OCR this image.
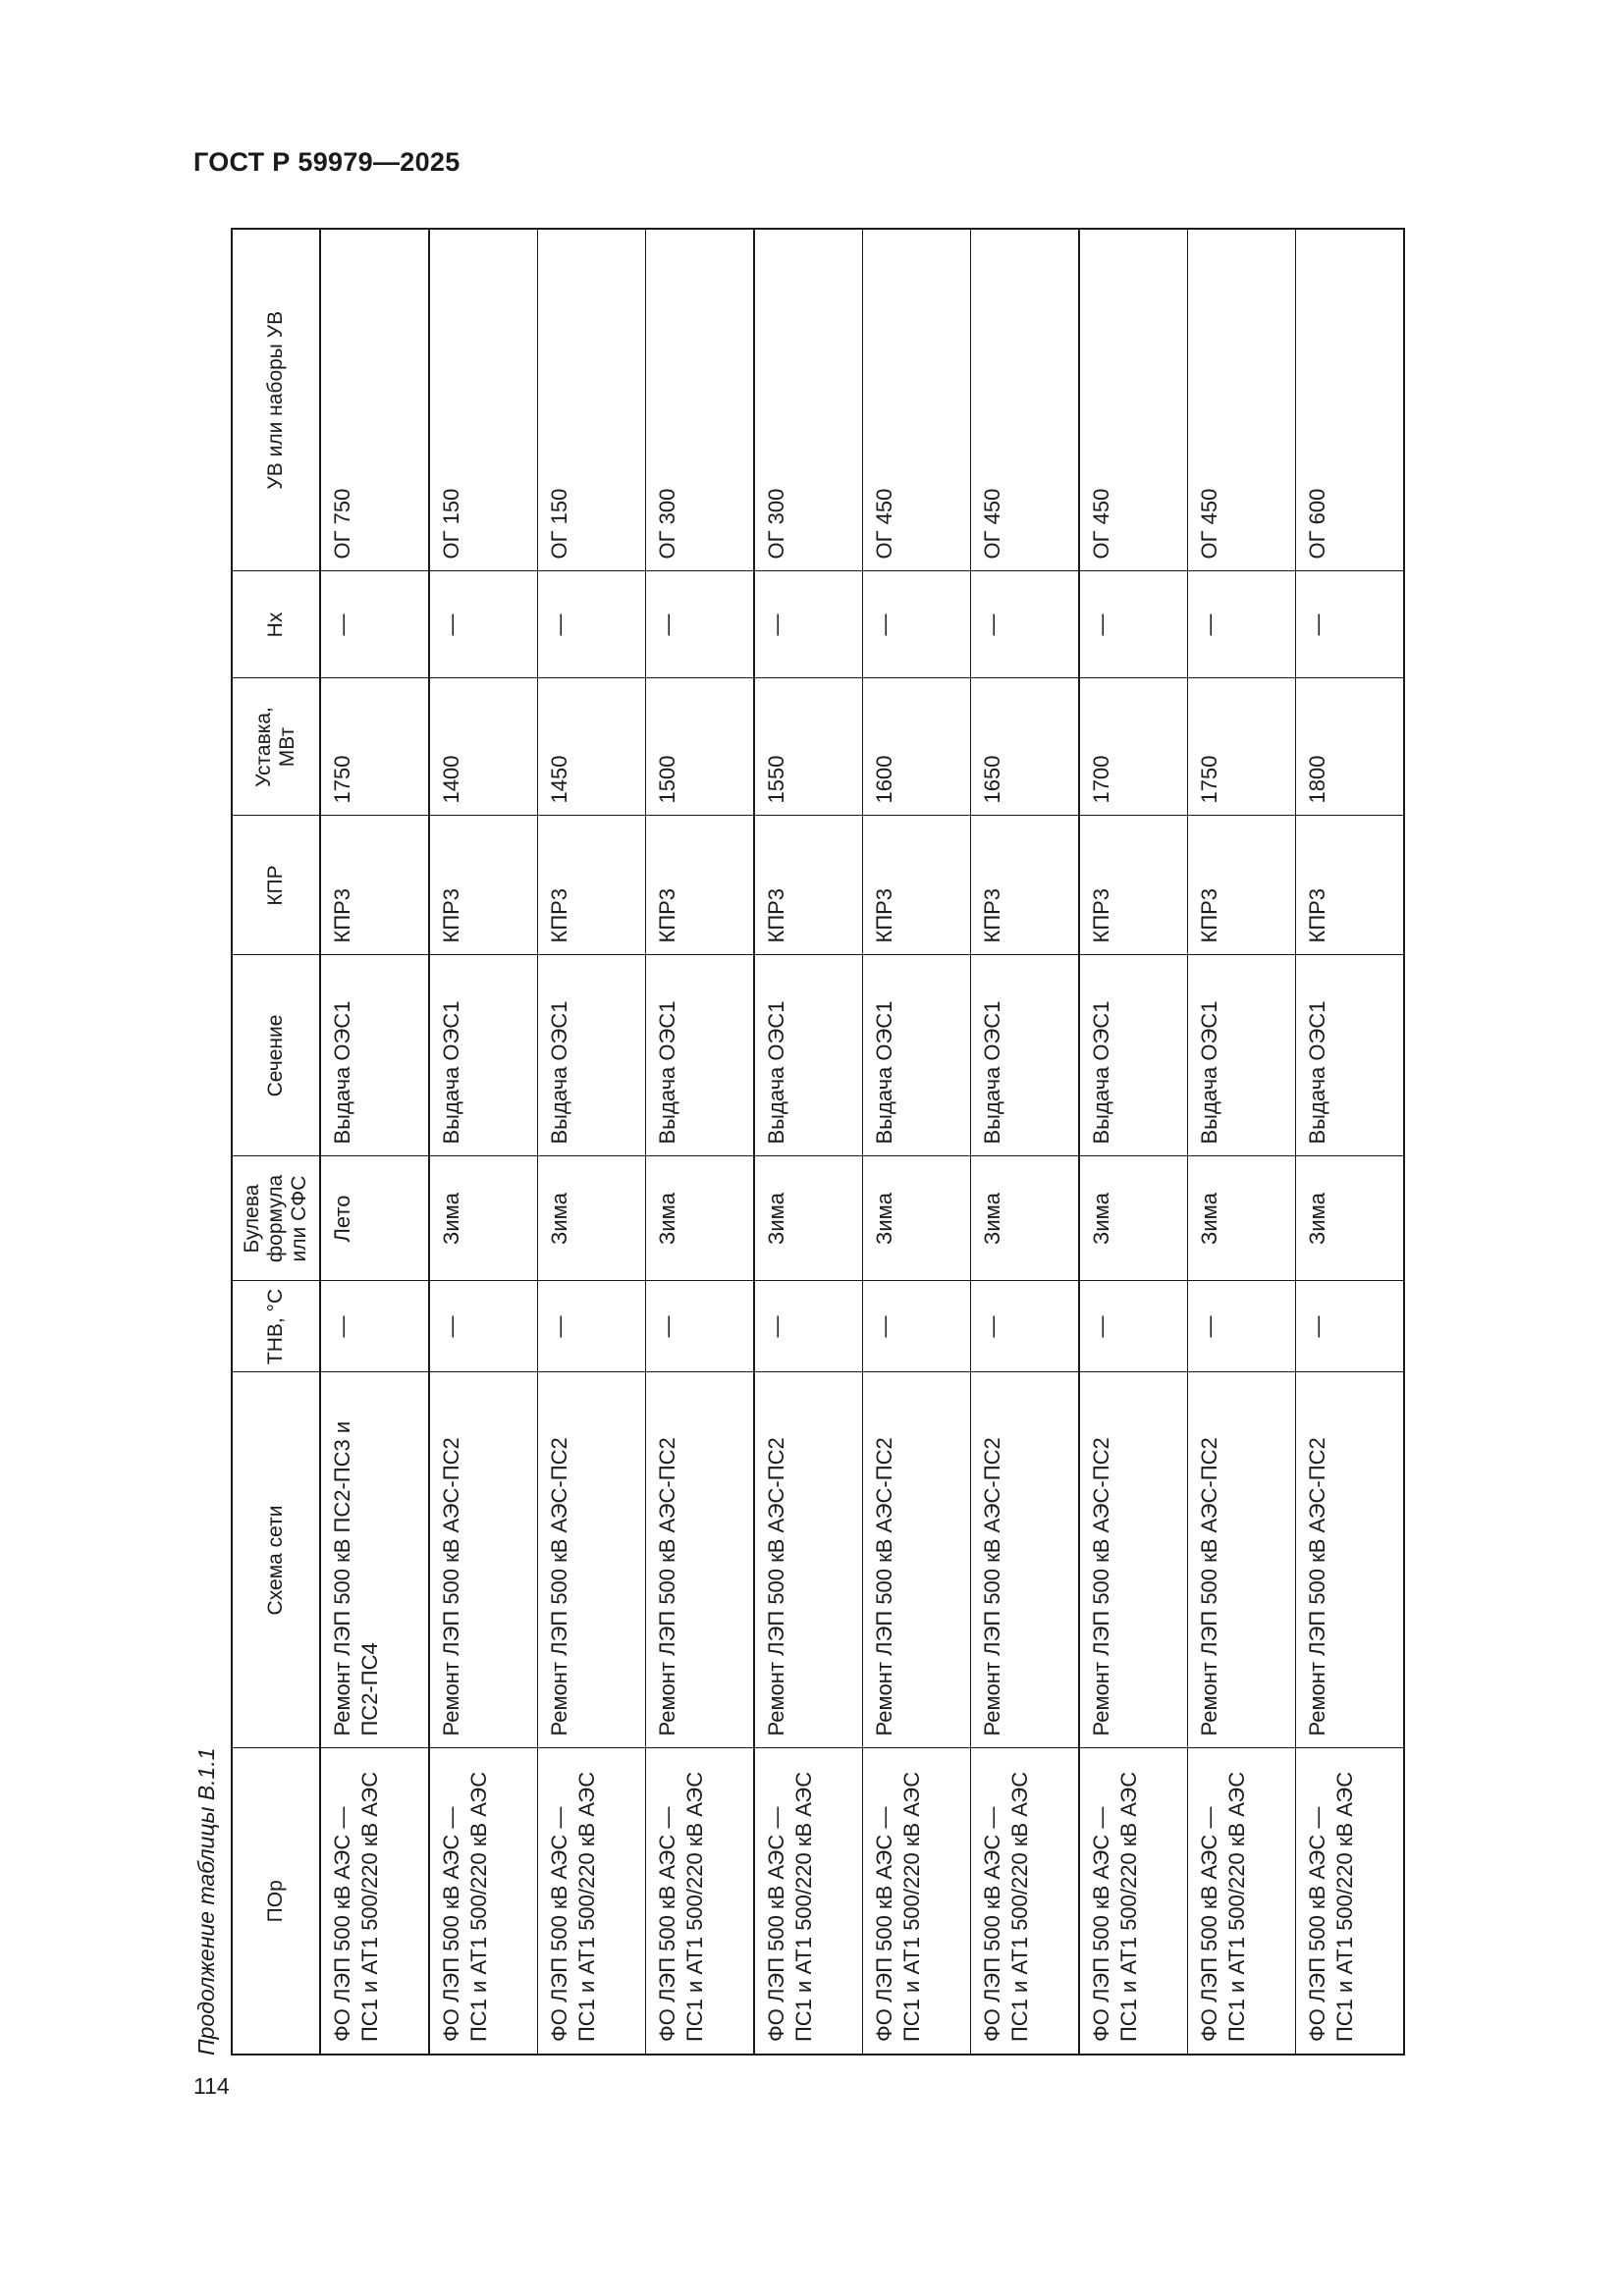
ГОСТ Р 59979—2025
114
Продолжение таблицы В.1.1 ПОр	Схема сети	ТНВ, °С	Булева формула или СФС	Сечение	КПР	Уставка, МВт	Нх	УВ или наборы УВ
ФО ЛЭП 500 кВ АЭС — ПС1 и АТ1 500/220 кВ АЭС	Ремонт ЛЭП 500 кВ ПС2-ПС3 и ПС2-ПС4	—	Лето	Выдача ОЭС1	КПР3	1750	—	ОГ 750
ФО ЛЭП 500 кВ АЭС — ПС1 и АТ1 500/220 кВ АЭС	Ремонт ЛЭП 500 кВ АЭС-ПС2	—	Зима	Выдача ОЭС1	КПР3	1400	—	ОГ 150
ФО ЛЭП 500 кВ АЭС — ПС1 и АТ1 500/220 кВ АЭС	Ремонт ЛЭП 500 кВ АЭС-ПС2	—	Зима	Выдача ОЭС1	КПР3	1450	—	ОГ 150
ФО ЛЭП 500 кВ АЭС — ПС1 и АТ1 500/220 кВ АЭС	Ремонт ЛЭП 500 кВ АЭС-ПС2	—	Зима	Выдача ОЭС1	КПР3	1500	—	ОГ 300
ФО ЛЭП 500 кВ АЭС — ПС1 и АТ1 500/220 кВ АЭС	Ремонт ЛЭП 500 кВ АЭС-ПС2	—	Зима	Выдача ОЭС1	КПР3	1550	—	ОГ 300
ФО ЛЭП 500 кВ АЭС — ПС1 и АТ1 500/220 кВ АЭС	Ремонт ЛЭП 500 кВ АЭС-ПС2	—	Зима	Выдача ОЭС1	КПР3	1600	—	ОГ 450
ФО ЛЭП 500 кВ АЭС — ПС1 и АТ1 500/220 кВ АЭС	Ремонт ЛЭП 500 кВ АЭС-ПС2	—	Зима	Выдача ОЭС1	КПР3	1650	—	ОГ 450
ФО ЛЭП 500 кВ АЭС — ПС1 и АТ1 500/220 кВ АЭС	Ремонт ЛЭП 500 кВ АЭС-ПС2	—	Зима	Выдача ОЭС1	КПР3	1700	—	ОГ 450
ФО ЛЭП 500 кВ АЭС — ПС1 и АТ1 500/220 кВ АЭС	Ремонт ЛЭП 500 кВ АЭС-ПС2	—	Зима	Выдача ОЭС1	КПР3	1750	—	ОГ 450
ФО ЛЭП 500 кВ АЭС — ПС1 и АТ1 500/220 кВ АЭС	Ремонт ЛЭП 500 кВ АЭС-ПС2	—	Зима	Выдача ОЭС1	КПР3	1800	—	ОГ 600
